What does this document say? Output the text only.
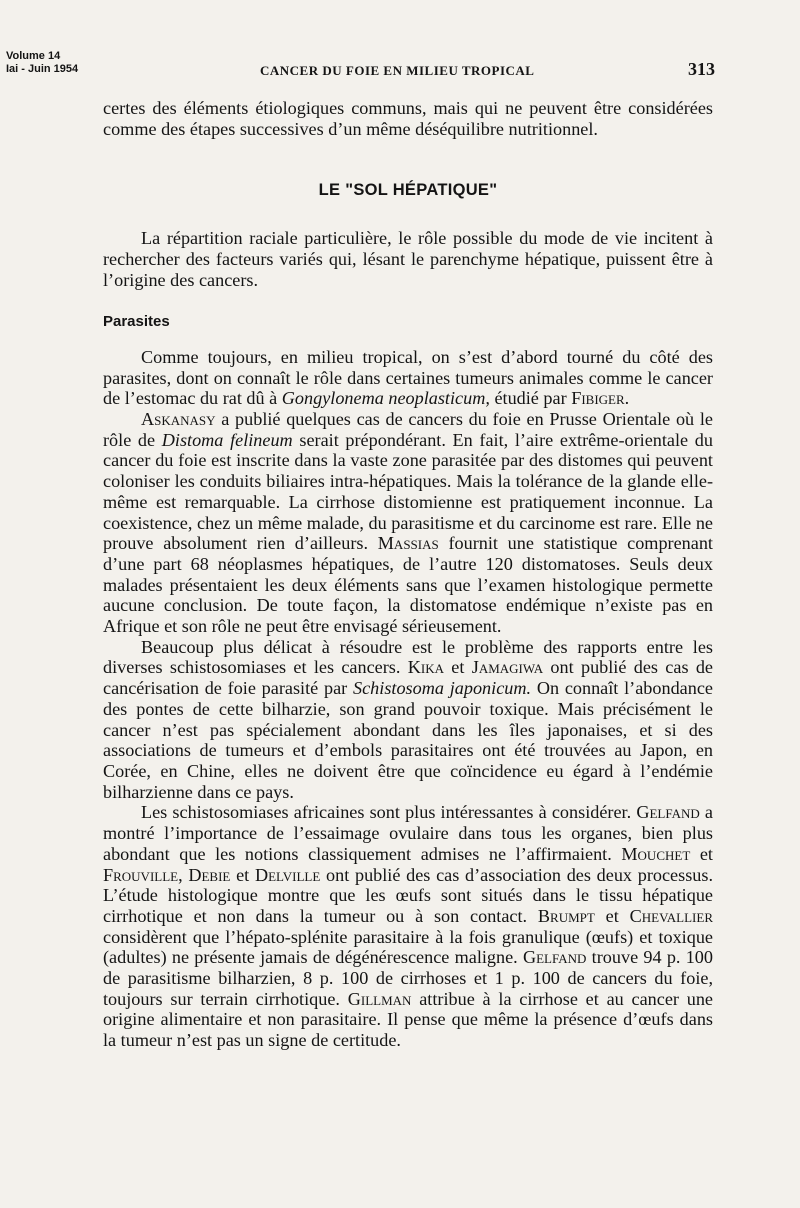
Volume 14
Iai - Juin 1954	CANCER DU FOIE EN MILIEU TROPICAL	313

certes des éléments étiologiques communs, mais qui ne peuvent être considérées comme des étapes successives d’un même déséquilibre nutritionnel.

LE "SOL HÉPATIQUE"

La répartition raciale particulière, le rôle possible du mode de vie incitent à rechercher des facteurs variés qui, lésant le parenchyme hépatique, puissent être à l’origine des cancers.

Parasites

Comme toujours, en milieu tropical, on s’est d’abord tourné du côté des parasites, dont on connaît le rôle dans certaines tumeurs animales comme le cancer de l’estomac du rat dû à Gongylonema neoplasticum, étudié par Fibiger.

Askanasy a publié quelques cas de cancers du foie en Prusse Orientale où le rôle de Distoma felineum serait prépondérant. En fait, l’aire extrême-orientale du cancer du foie est inscrite dans la vaste zone parasitée par des distomes qui peuvent coloniser les conduits biliaires intra-hépatiques. Mais la tolérance de la glande elle-même est remarquable. La cirrhose distomienne est pratiquement inconnue. La coexistence, chez un même malade, du parasitisme et du carcinome est rare. Elle ne prouve absolument rien d’ailleurs. Massias fournit une statistique comprenant d’une part 68 néoplasmes hépatiques, de l’autre 120 distomatoses. Seuls deux malades présentaient les deux éléments sans que l’examen histologique permette aucune conclusion. De toute façon, la distomatose endémique n’existe pas en Afrique et son rôle ne peut être envisagé sérieusement.

Beaucoup plus délicat à résoudre est le problème des rapports entre les diverses schistosomiases et les cancers. Kika et Jamagiwa ont publié des cas de cancérisation de foie parasité par Schistosoma japonicum. On connaît l’abondance des pontes de cette bilharzie, son grand pouvoir toxique. Mais précisément le cancer n’est pas spécialement abondant dans les îles japonaises, et si des associations de tumeurs et d’embols parasitaires ont été trouvées au Japon, en Corée, en Chine, elles ne doivent être que coïncidence eu égard à l’endémie bilharzienne dans ce pays.

Les schistosomiases africaines sont plus intéressantes à considérer. Gelfand a montré l’importance de l’essaimage ovulaire dans tous les organes, bien plus abondant que les notions classiquement admises ne l’affirmaient. Mouchet et Frouville, Debie et Delville ont publié des cas d’association des deux processus. L’étude histologique montre que les œufs sont situés dans le tissu hépatique cirrhotique et non dans la tumeur ou à son contact. Brumpt et Chevallier considèrent que l’hépato-splénite parasitaire à la fois granulique (œufs) et toxique (adultes) ne présente jamais de dégénérescence maligne. Gelfand trouve 94 p. 100 de parasitisme bilharzien, 8 p. 100 de cirrhoses et 1 p. 100 de cancers du foie, toujours sur terrain cirrhotique. Gillman attribue à la cirrhose et au cancer une origine alimentaire et non parasitaire. Il pense que même la présence d’œufs dans la tumeur n’est pas un signe de certitude.
